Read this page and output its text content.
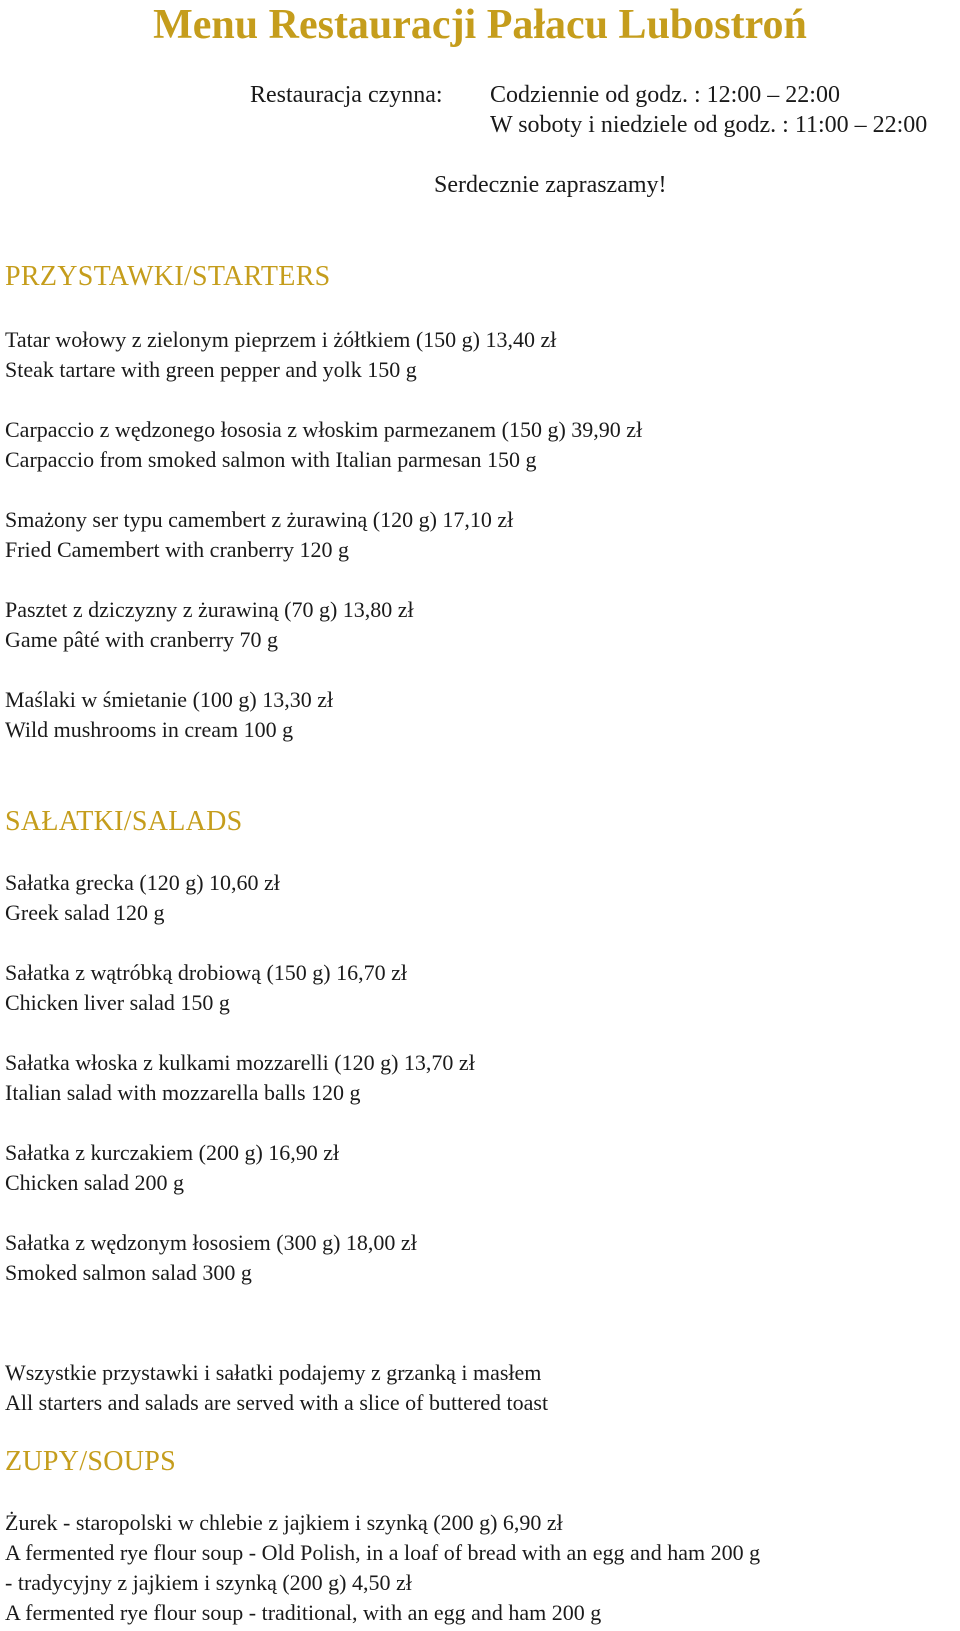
Menu Restauracji Pałacu Lubostroń
Restauracja czynna: Codziennie od godz. : 12:00 – 22:00
W soboty i niedziele od godz. : 11:00 – 22:00
Serdecznie zapraszamy!
PRZYSTAWKI/STARTERS
Tatar wołowy z zielonym pieprzem i żółtkiem (150 g) 13,40 zł
Steak tartare with green pepper and yolk 150 g
Carpaccio z wędzonego łososia z włoskim parmezanem (150 g) 39,90 zł
Carpaccio from smoked salmon with Italian parmesan 150 g
Smażony ser typu camembert z żurawiną (120 g) 17,10 zł
Fried Camembert with cranberry 120 g
Pasztet z dziczyzny z żurawiną (70 g) 13,80 zł
Game pâté with cranberry 70 g
Maślaki w śmietanie (100 g) 13,30 zł
Wild mushrooms in cream 100 g
SAŁATKI/SALADS
Sałatka grecka (120 g) 10,60 zł
Greek salad 120 g
Sałatka z wątróbką drobiową (150 g) 16,70 zł
Chicken liver salad 150 g
Sałatka włoska z kulkami mozzarelli (120 g) 13,70 zł
Italian salad with mozzarella balls 120 g
Sałatka z kurczakiem (200 g) 16,90 zł
Chicken salad 200 g
Sałatka z wędzonym łososiem (300 g) 18,00 zł
Smoked salmon salad 300 g
Wszystkie przystawki i sałatki podajemy z grzanką i masłem
All starters and salads are served with a slice of buttered toast
ZUPY/SOUPS
Żurek - staropolski w chlebie z jajkiem i szynką (200 g) 6,90 zł
A fermented rye flour soup - Old Polish, in a loaf of bread with an egg and ham 200 g
- tradycyjny z jajkiem i szynką (200 g) 4,50 zł
A fermented rye flour soup - traditional, with an egg and ham 200 g
